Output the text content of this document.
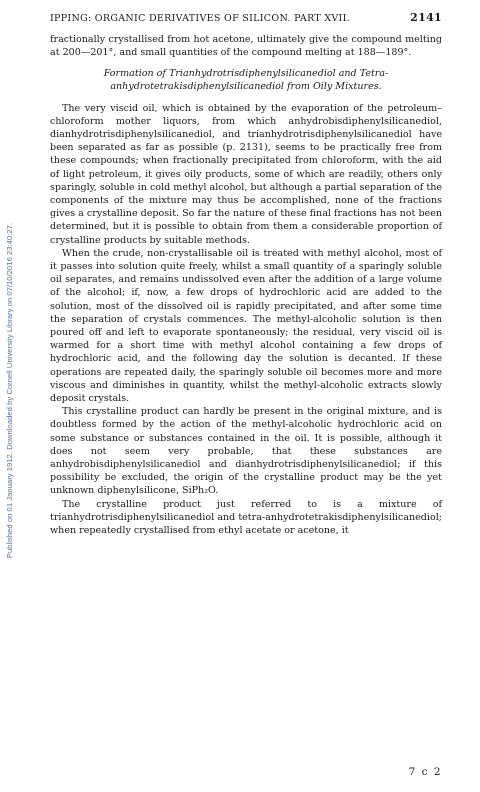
Published on 01 January 1912. Downloaded by Cornell University Library on 07/10/2016 23:40:27.
IPPING: ORGANIC DERIVATIVES OF SILICON. PART XVII.	2141

fractionally crystallised from hot acetone, ultimately give the compound melting at 200—201°, and small quantities of the compound melting at 188—189°.

Formation of Trianhydrotrisdiphenylsilicanediol and Tetra-anhydrotetrakisdiphenylsilicanediol from Oily Mixtures.

The very viscid oil, which is obtained by the evaporation of the petroleum–chloroform mother liquors, from which anhydrobisdiphenylsilicanediol, dianhydrotrisdiphenylsilicanediol, and trianhydrotrisdiphenylsilicanediol have been separated as far as possible (p. 2131), seems to be practically free from these compounds; when fractionally precipitated from chloroform, with the aid of light petroleum, it gives oily products, some of which are readily, others only sparingly, soluble in cold methyl alcohol, but although a partial separation of the components of the mixture may thus be accomplished, none of the fractions gives a crystalline deposit. So far the nature of these final fractions has not been determined, but it is possible to obtain from them a considerable proportion of crystalline products by suitable methods.

When the crude, non-crystallisable oil is treated with methyl alcohol, most of it passes into solution quite freely, whilst a small quantity of a sparingly soluble oil separates, and remains undissolved even after the addition of a large volume of the alcohol; if, now, a few drops of hydrochloric acid are added to the solution, most of the dissolved oil is rapidly precipitated, and after some time the separation of crystals commences. The methyl-alcoholic solution is then poured off and left to evaporate spontaneously; the residual, very viscid oil is warmed for a short time with methyl alcohol containing a few drops of hydrochloric acid, and the following day the solution is decanted. If these operations are repeated daily, the sparingly soluble oil becomes more and more viscous and diminishes in quantity, whilst the methyl-alcoholic extracts slowly deposit crystals.

This crystalline product can hardly be present in the original mixture, and is doubtless formed by the action of the methyl-alcoholic hydrochloric acid on some substance or substances contained in the oil. It is possible, although it does not seem very probable, that these substances are anhydrobisdiphenylsilicanediol and dianhydrotrisdiphenylsilicanediol; if this possibility be excluded, the origin of the crystalline product may be the yet unknown diphenylsilicone, SiPh₂O.

The crystalline product just referred to is a mixture of trianhydrotrisdiphenylsilicanediol and tetra-anhydrotetrakisdiphenylsilicanediol; when repeatedly crystallised from ethyl acetate or acetone, it

7 c 2
